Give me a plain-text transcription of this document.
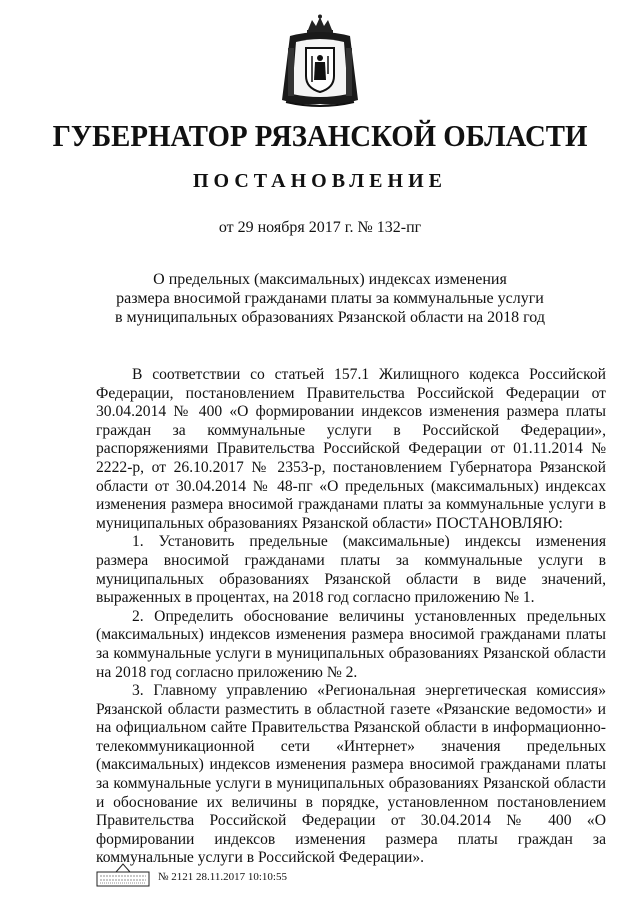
ГУБЕРНАТОР РЯЗАНСКОЙ ОБЛАСТИ
ПОСТАНОВЛЕНИЕ
от 29 ноября 2017 г. № 132-пг
О предельных (максимальных) индексах изменения
размера вносимой гражданами платы за коммунальные услуги
в муниципальных образованиях Рязанской области на 2018 год

В соответствии со статьей 157.1 Жилищного кодекса Российской Федерации, постановлением Правительства Российской Федерации от 30.04.2014 № 400 «О формировании индексов изменения размера платы граждан за коммунальные услуги в Российской Федерации», распоряжениями Правительства Российской Федерации от 01.11.2014 № 2222-р, от 26.10.2017 № 2353-р, постановлением Губернатора Рязанской области от 30.04.2014 № 48-пг «О предельных (максимальных) индексах изменения размера вносимой гражданами платы за коммунальные услуги в муниципальных образованиях Рязанской области» ПОСТАНОВЛЯЮ:

1. Установить предельные (максимальные) индексы изменения размера вносимой гражданами платы за коммунальные услуги в муниципальных образованиях Рязанской области в виде значений, выраженных в процентах, на 2018 год согласно приложению № 1.

2. Определить обоснование величины установленных предельных (максимальных) индексов изменения размера вносимой гражданами платы за коммунальные услуги в муниципальных образованиях Рязанской области на 2018 год согласно приложению № 2.

3. Главному управлению «Региональная энергетическая комиссия» Рязанской области разместить в областной газете «Рязанские ведомости» и на официальном сайте Правительства Рязанской области в информационно-телекоммуникационной сети «Интернет» значения предельных (максимальных) индексов изменения размера вносимой гражданами платы за коммунальные услуги в муниципальных образованиях Рязанской области и обоснование их величины в порядке, установленном постановлением Правительства Российской Федерации от 30.04.2014 № 400 «О формировании индексов изменения размера платы граждан за коммунальные услуги в Российской Федерации».

№ 2121 28.11.2017 10:10:55
